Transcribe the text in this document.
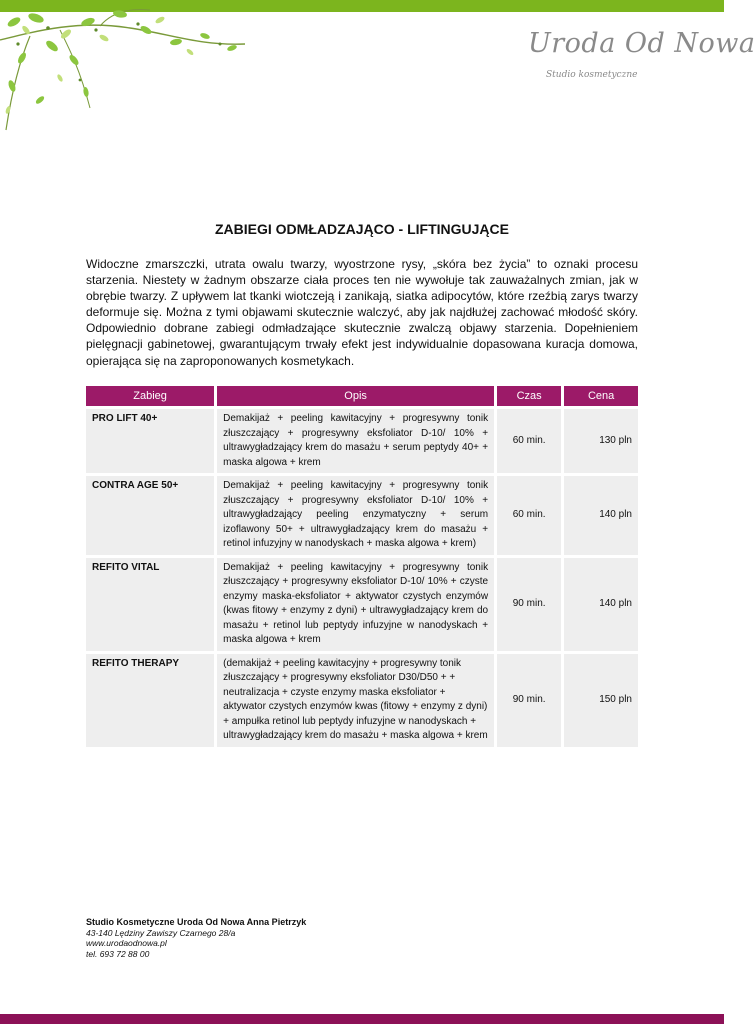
Uroda Od Nowa
Studio kosmetyczne
ZABIEGI ODMŁADZAJĄCO - LIFTINGUJĄCE

Widoczne zmarszczki, utrata owalu twarzy, wyostrzone rysy, „skóra bez życia” to oznaki procesu starzenia. Niestety w żadnym obszarze ciała proces ten nie wywołuje tak zauważalnych zmian, jak w obrębie twarzy. Z upływem lat tkanki wiotczeją i zanikają, siatka adipocytów, które rzeźbią zarys twarzy deformuje się. Można z tymi objawami skutecznie walczyć, aby jak najdłużej zachować młodość skóry. Odpowiednio dobrane zabiegi odmładzające skutecznie zwalczą objawy starzenia. Dopełnieniem pielęgnacji gabinetowej, gwarantującym trwały efekt jest indywidualnie dopasowana kuracja domowa, opierająca się na zaproponowanych kosmetykach.

Zabieg	Opis	Czas	Cena
PRO LIFT 40+	Demakijaż + peeling kawitacyjny + progresywny tonik złuszczający + progresywny eksfoliator D-10/ 10% + ultrawygładzający krem do masażu + serum peptydy 40+ + maska algowa + krem	60 min.	130 pln
CONTRA AGE 50+	Demakijaż + peeling kawitacyjny + progresywny tonik złuszczający + progresywny eksfoliator D-10/ 10% + ultrawygładzający peeling enzymatyczny + serum izoflawony 50+ + ultrawygładzający krem do masażu + retinol infuzyjny w nanodyskach + maska algowa + krem)	60 min.	140 pln
REFITO VITAL	Demakijaż + peeling kawitacyjny + progresywny tonik złuszczający + progresywny eksfoliator D-10/ 10% + czyste enzymy maska-eksfoliator + aktywator czystych enzymów (kwas fitowy + enzymy z dyni) + ultrawygładzający krem do masażu + retinol lub peptydy infuzyjne w nanodyskach + maska algowa + krem	90 min.	140 pln
REFITO THERAPY	(demakijaż + peeling kawitacyjny + progresywny tonik złuszczający + progresywny eksfoliator D30/D50 + + neutralizacja + czyste enzymy maska eksfoliator + aktywator czystych enzymów kwas (fitowy + enzymy z dyni) + ampułka retinol lub peptydy infuzyjne w nanodyskach + ultrawygładzający krem do masażu + maska algowa + krem	90 min.	150 pln
Studio Kosmetyczne Uroda Od Nowa Anna Pietrzyk
43-140 Lędziny Zawiszy Czarnego 28/a
www.urodaodnowa.pl
tel. 693 72 88 00
